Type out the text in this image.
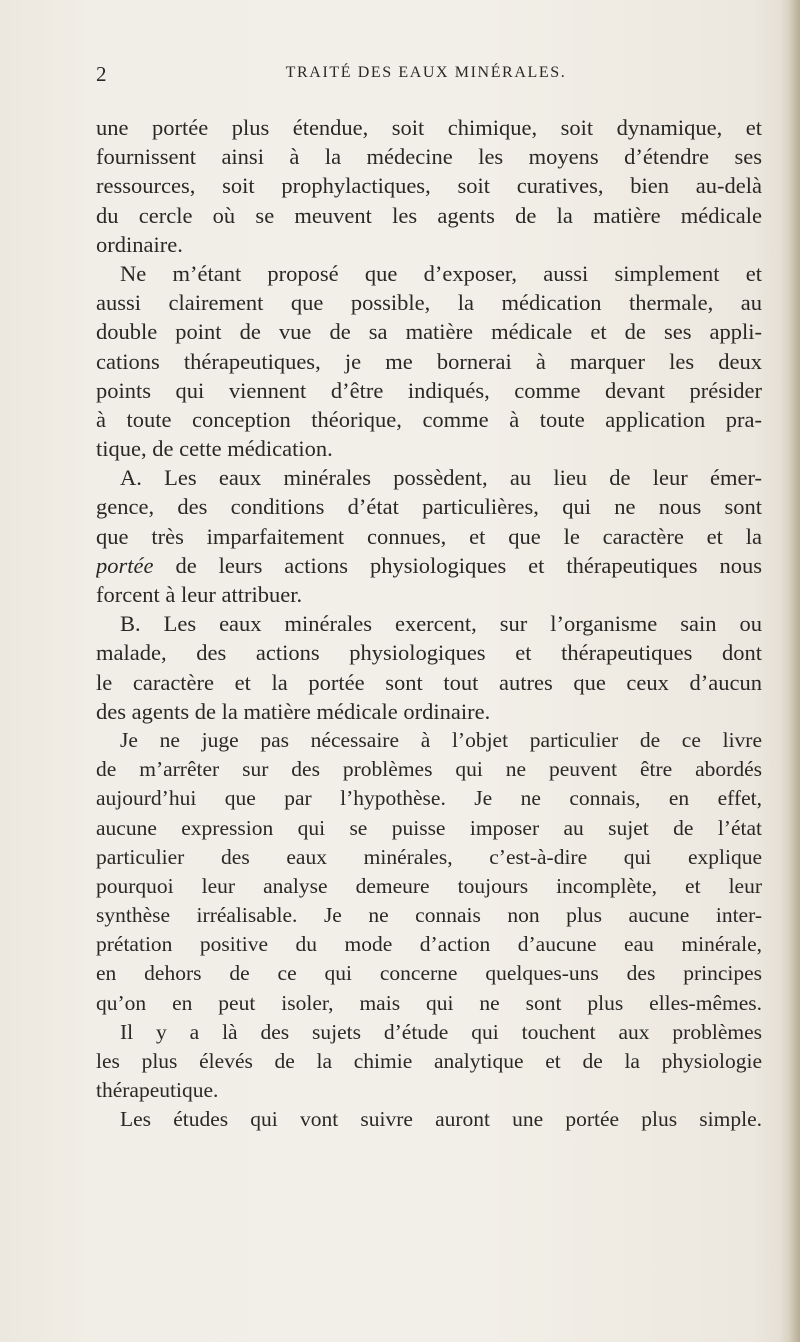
2	TRAITÉ DES EAUX MINÉRALES.
une portée plus étendue, soit chimique, soit dynamique, et
fournissent ainsi à la médecine les moyens d’étendre ses
ressources, soit prophylactiques, soit curatives, bien au-delà
du cercle où se meuvent les agents de la matière médicale
ordinaire.
Ne m’étant proposé que d’exposer, aussi simplement et
aussi clairement que possible, la médication thermale, au
double point de vue de sa matière médicale et de ses appli-
cations thérapeutiques, je me bornerai à marquer les deux
points qui viennent d’être indiqués, comme devant présider
à toute conception théorique, comme à toute application pra-
tique, de cette médication.
A. Les eaux minérales possèdent, au lieu de leur émer-
gence, des conditions d’état particulières, qui ne nous sont
que très imparfaitement connues, et que le caractère et la
portée de leurs actions physiologiques et thérapeutiques nous
forcent à leur attribuer.
B. Les eaux minérales exercent, sur l’organisme sain ou
malade, des actions physiologiques et thérapeutiques dont
le caractère et la portée sont tout autres que ceux d’aucun
des agents de la matière médicale ordinaire.
Je ne juge pas nécessaire à l’objet particulier de ce livre
de m’arrêter sur des problèmes qui ne peuvent être abordés
aujourd’hui que par l’hypothèse. Je ne connais, en effet,
aucune expression qui se puisse imposer au sujet de l’état
particulier des eaux minérales, c’est-à-dire qui explique
pourquoi leur analyse demeure toujours incomplète, et leur
synthèse irréalisable. Je ne connais non plus aucune inter-
prétation positive du mode d’action d’aucune eau minérale,
en dehors de ce qui concerne quelques-uns des principes
qu’on en peut isoler, mais qui ne sont plus elles-mêmes.
Il y a là des sujets d’étude qui touchent aux problèmes
les plus élevés de la chimie analytique et de la physiologie
thérapeutique.
Les études qui vont suivre auront une portée plus simple.
